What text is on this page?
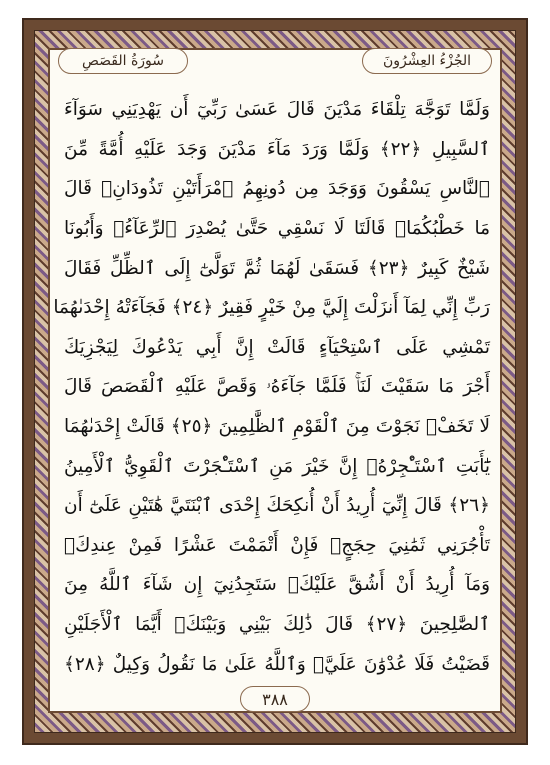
سُورَةُ القَصَصِ	الجُزْءُ العِشْرُونَ
وَلَمَّا تَوَجَّهَ تِلْقَاءَ مَدْيَنَ قَالَ عَسَىٰ رَبِّيٓ أَن يَهْدِيَنِي سَوَآءَ
ٱلسَّبِيلِ ﴿٢٢﴾ وَلَمَّا وَرَدَ مَآءَ مَدْيَنَ وَجَدَ عَلَيْهِ أُمَّةً مِّنَ
ٱلنَّاسِ يَسْقُونَ وَوَجَدَ مِن دُونِهِمُ ٱمْرَأَتَيْنِ تَذُودَانِۖ قَالَ
مَا خَطْبُكُمَاۖ قَالَتَا لَا نَسْقِي حَتَّىٰ يُصْدِرَ ٱلرِّعَآءُۖ وَأَبُونَا
شَيْخٌ كَبِيرٌ ﴿٢٣﴾ فَسَقَىٰ لَهُمَا ثُمَّ تَوَلَّىٰٓ إِلَى ٱلظِّلِّ فَقَالَ
رَبِّ إِنِّي لِمَآ أَنزَلْتَ إِلَيَّ مِنْ خَيْرٍ فَقِيرٌ ﴿٢٤﴾ فَجَآءَتْهُ إِحْدَىٰهُمَا
تَمْشِي عَلَى ٱسْتِحْيَآءٍ قَالَتْ إِنَّ أَبِي يَدْعُوكَ لِيَجْزِيَكَ
أَجْرَ مَا سَقَيْتَ لَنَاۚ فَلَمَّا جَآءَهُۥ وَقَصَّ عَلَيْهِ ٱلْقَصَصَ قَالَ
لَا تَخَفْۖ نَجَوْتَ مِنَ ٱلْقَوْمِ ٱلظَّٰلِمِينَ ﴿٢٥﴾ قَالَتْ إِحْدَىٰهُمَا
يَٰٓأَبَتِ ٱسْتَـْٔجِرْهُۖ إِنَّ خَيْرَ مَنِ ٱسْتَـْٔجَرْتَ ٱلْقَوِيُّ ٱلْأَمِينُ
﴿٢٦﴾ قَالَ إِنِّيٓ أُرِيدُ أَنْ أُنكِحَكَ إِحْدَى ٱبْنَتَيَّ هَٰتَيْنِ عَلَىٰٓ أَن
تَأْجُرَنِي ثَمَٰنِيَ حِجَجٍۖ فَإِنْ أَتْمَمْتَ عَشْرًا فَمِنْ عِندِكَۖ
وَمَآ أُرِيدُ أَنْ أَشُقَّ عَلَيْكَۚ سَتَجِدُنِيٓ إِن شَآءَ ٱللَّهُ مِنَ
ٱلصَّٰلِحِينَ ﴿٢٧﴾ قَالَ ذَٰلِكَ بَيْنِي وَبَيْنَكَۖ أَيَّمَا ٱلْأَجَلَيْنِ
قَضَيْتُ فَلَا عُدْوَٰنَ عَلَيَّۖ وَٱللَّهُ عَلَىٰ مَا نَقُولُ وَكِيلٌ ﴿٢٨﴾
٣٨٨
